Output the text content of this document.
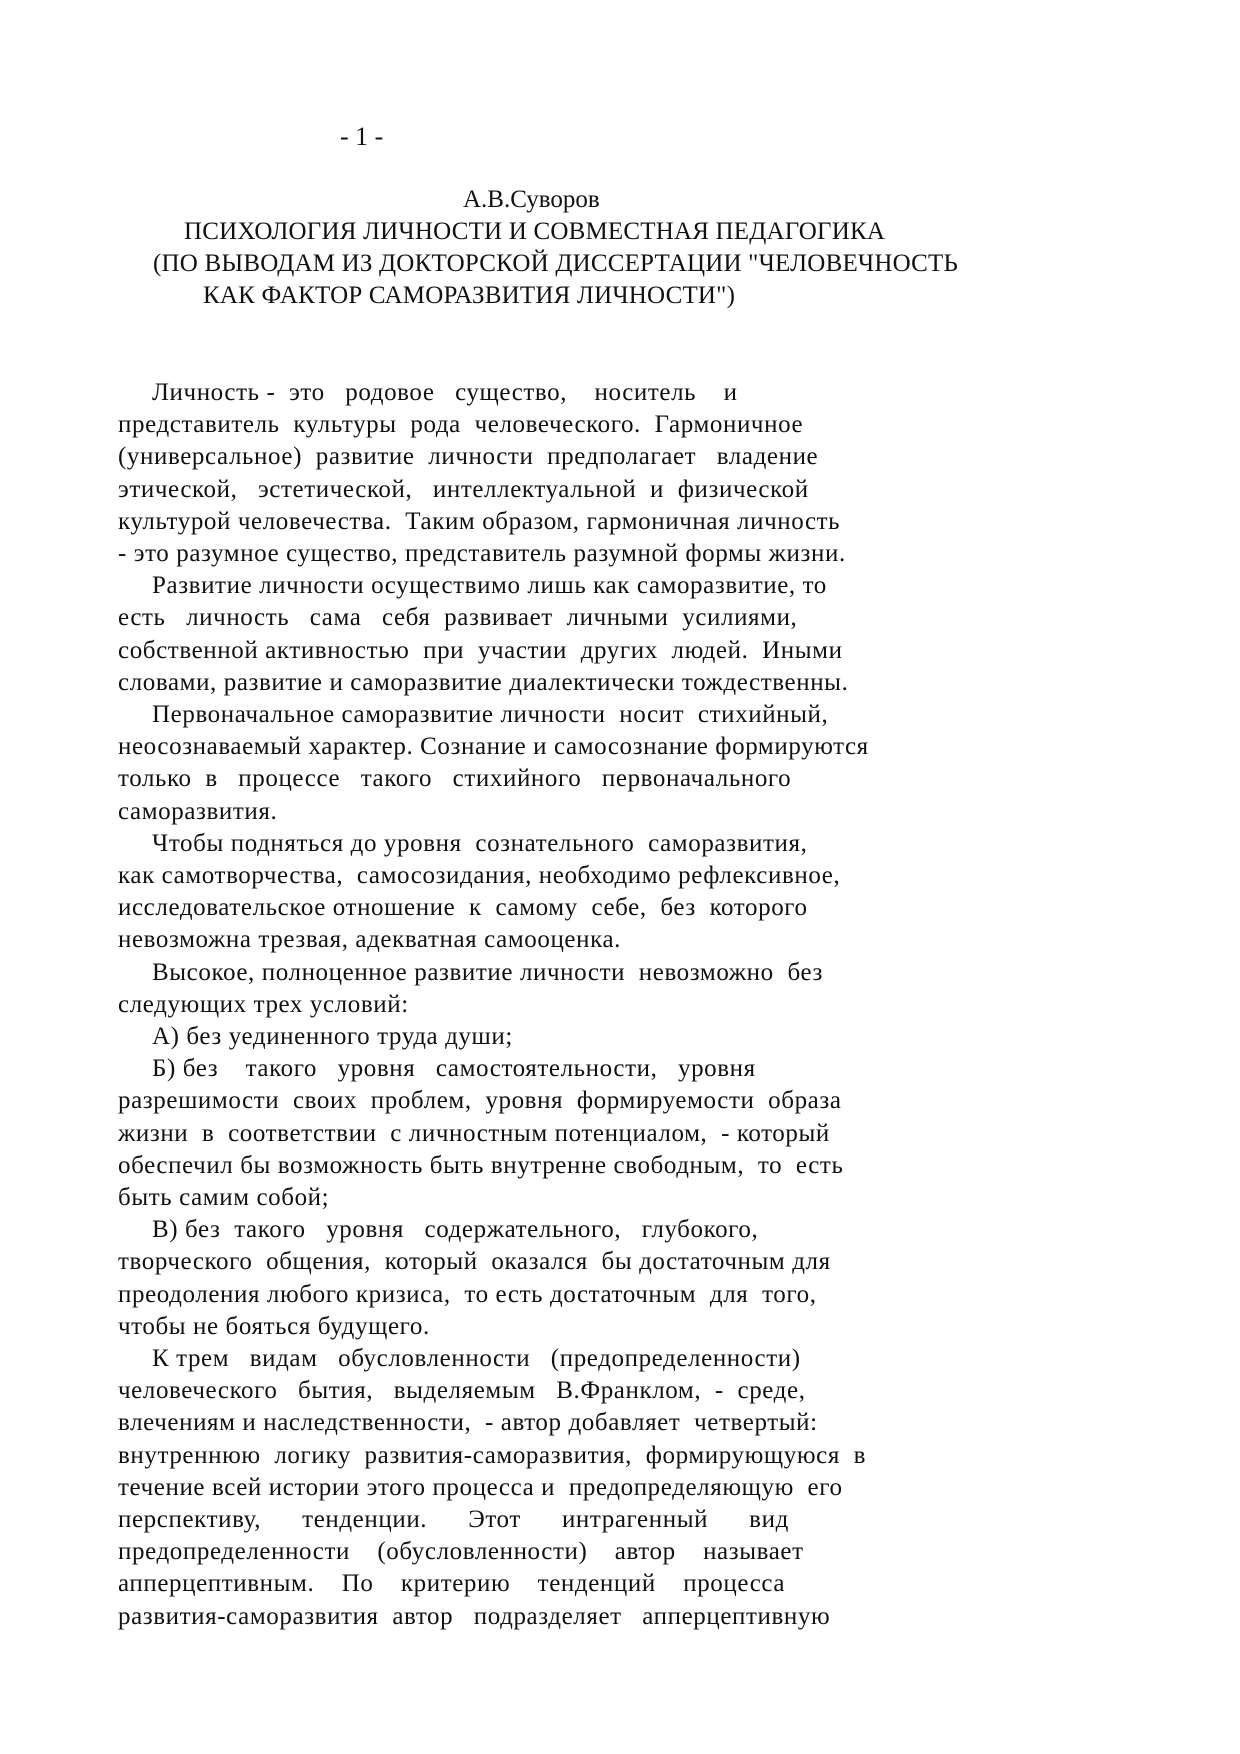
- 1 -
А.В.Суворов
ПСИХОЛОГИЯ ЛИЧНОСТИ И СОВМЕСТНАЯ ПЕДАГОГИКА
(ПО ВЫВОДАМ ИЗ ДОКТОРСКОЙ ДИССЕРТАЦИИ "ЧЕЛОВЕЧНОСТЬ
КАК ФАКТОР САМОРАЗВИТИЯ ЛИЧНОСТИ")
Личность -  это   родовое   существо,    носитель    и
представитель  культуры  рода  человеческого.  Гармоничное
(универсальное)  развитие  личности  предполагает   владение
этической,   эстетической,   интеллектуальной  и  физической
культурой человечества.  Таким образом, гармоничная личность
- это разумное существо, представитель разумной формы жизни.
Развитие личности осуществимо лишь как саморазвитие, то
есть   личность   сама   себя  развивает  личными  усилиями,
собственной активностью  при  участии  других  людей.  Иными
словами, развитие и саморазвитие диалектически тождественны.
Первоначальное саморазвитие личности  носит  стихийный,
неосознаваемый характер. Сознание и самосознание формируются
только  в   процессе   такого   стихийного   первоначального
саморазвития.
Чтобы подняться до уровня  сознательного  саморазвития,
как самотворчества,  самосозидания, необходимо рефлексивное,
исследовательское отношение  к  самому  себе,  без  которого
невозможна трезвая, адекватная самооценка.
Высокое, полноценное развитие личности  невозможно  без
следующих трех условий:
А) без уединенного труда души;
Б) без    такого   уровня   самостоятельности,   уровня
разрешимости  своих  проблем,  уровня  формируемости  образа
жизни  в  соответствии  с личностным потенциалом,  - который
обеспечил бы возможность быть внутренне свободным,  то  есть
быть самим собой;
В) без  такого   уровня   содержательного,   глубокого,
творческого  общения,  который  оказался  бы достаточным для
преодоления любого кризиса,  то есть достаточным  для  того,
чтобы не бояться будущего.
К трем   видам   обусловленности   (предопределенности)
человеческого   бытия,   выделяемым   В.Франклом,  -  среде,
влечениям и наследственности,  - автор добавляет  четвертый:
внутреннюю  логику  развития-саморазвития,  формирующуюся  в
течение всей истории этого процесса и  предопределяющую  его
перспективу,      тенденции.      Этот      интрагенный      вид
предопределенности    (обусловленности)    автор    называет
апперцептивным.    По    критерию    тенденций    процесса
развития-саморазвития  автор   подразделяет   апперцептивную
